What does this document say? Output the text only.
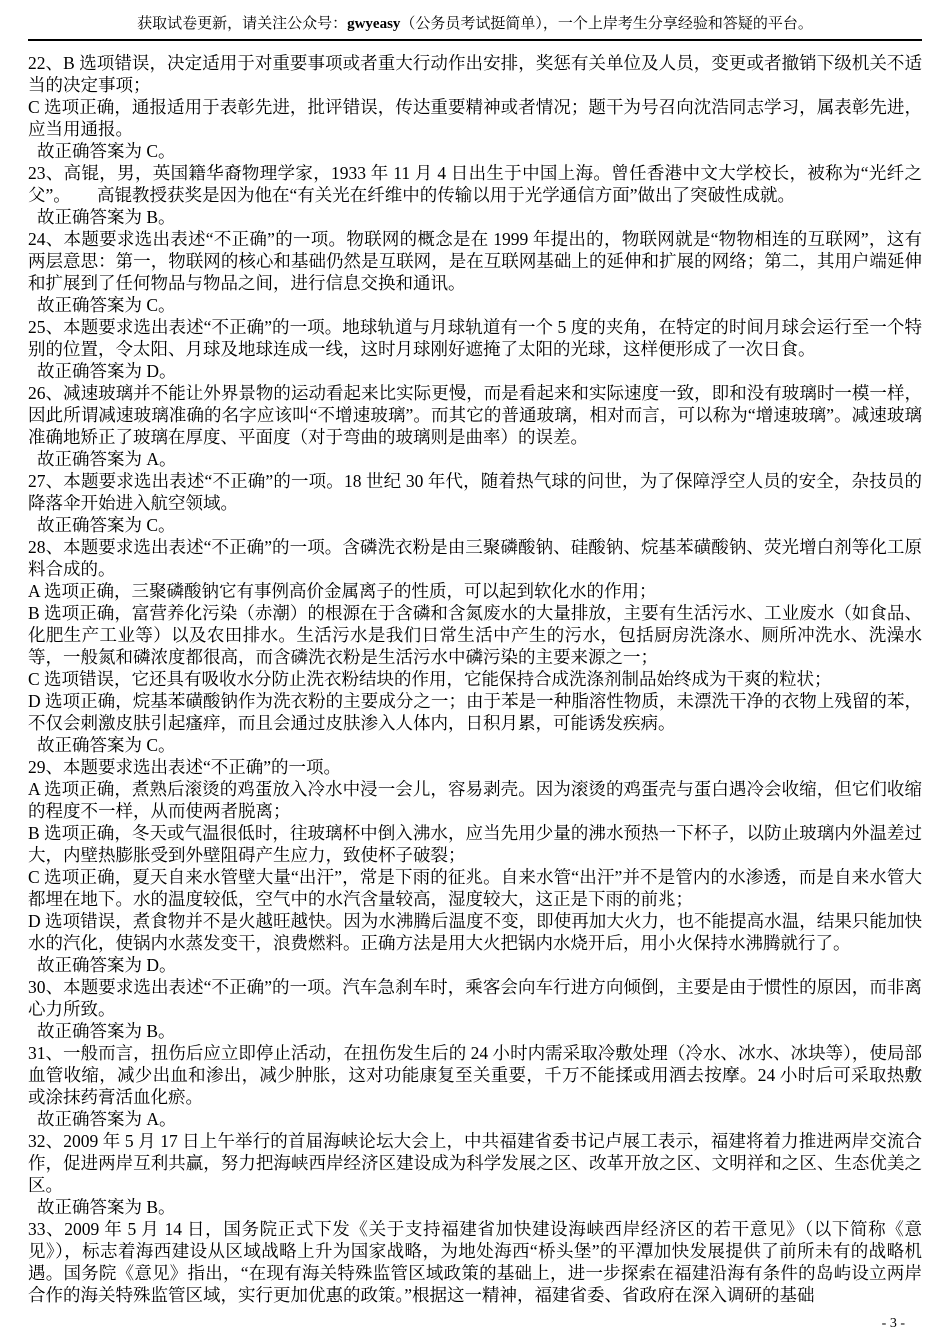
获取试卷更新，请关注公众号：gwyeasy（公务员考试挺简单），一个上岸考生分享经验和答疑的平台。

22、B 选项错误，决定适用于对重要事项或者重大行动作出安排，奖惩有关单位及人员，变更或者撤销下级机关不适当的决定事项；

C 选项正确，通报适用于表彰先进，批评错误，传达重要精神或者情况；题干为号召向沈浩同志学习，属表彰先进，应当用通报。

故正确答案为 C。

23、高锟，男，英国籍华裔物理学家，1933 年 11 月 4 日出生于中国上海。曾任香港中文大学校长，被称为“光纤之父”。　　高锟教授获奖是因为他在“有关光在纤维中的传输以用于光学通信方面”做出了突破性成就。

故正确答案为 B。

24、本题要求选出表述“不正确”的一项。物联网的概念是在 1999 年提出的，物联网就是“物物相连的互联网”，这有两层意思：第一，物联网的核心和基础仍然是互联网，是在互联网基础上的延伸和扩展的网络；第二，其用户端延伸和扩展到了任何物品与物品之间，进行信息交换和通讯。

故正确答案为 C。

25、本题要求选出表述“不正确”的一项。地球轨道与月球轨道有一个 5 度的夹角，在特定的时间月球会运行至一个特别的位置，令太阳、月球及地球连成一线，这时月球刚好遮掩了太阳的光球，这样便形成了一次日食。

故正确答案为 D。

26、减速玻璃并不能让外界景物的运动看起来比实际更慢，而是看起来和实际速度一致，即和没有玻璃时一模一样，因此所谓减速玻璃准确的名字应该叫“不增速玻璃”。而其它的普通玻璃，相对而言，可以称为“增速玻璃”。减速玻璃准确地矫正了玻璃在厚度、平面度（对于弯曲的玻璃则是曲率）的误差。

故正确答案为 A。

27、本题要求选出表述“不正确”的一项。18 世纪 30 年代，随着热气球的问世，为了保障浮空人员的安全，杂技员的降落伞开始进入航空领域。

故正确答案为 C。

28、本题要求选出表述“不正确”的一项。含磷洗衣粉是由三聚磷酸钠、硅酸钠、烷基苯磺酸钠、荧光增白剂等化工原料合成的。

A 选项正确，三聚磷酸钠它有事例高价金属离子的性质，可以起到软化水的作用；

B 选项正确，富营养化污染（赤潮）的根源在于含磷和含氮废水的大量排放，主要有生活污水、工业废水（如食品、化肥生产工业等）以及农田排水。生活污水是我们日常生活中产生的污水，包括厨房洗涤水、厕所冲洗水、洗澡水等，一般氮和磷浓度都很高，而含磷洗衣粉是生活污水中磷污染的主要来源之一；

C 选项错误，它还具有吸收水分防止洗衣粉结块的作用，它能保持合成洗涤剂制品始终成为干爽的粒状；

D 选项正确，烷基苯磺酸钠作为洗衣粉的主要成分之一；由于苯是一种脂溶性物质，未漂洗干净的衣物上残留的苯，不仅会刺激皮肤引起瘙痒，而且会通过皮肤渗入人体内，日积月累，可能诱发疾病。

故正确答案为 C。

29、本题要求选出表述“不正确”的一项。

A 选项正确，煮熟后滚烫的鸡蛋放入冷水中浸一会儿，容易剥壳。因为滚烫的鸡蛋壳与蛋白遇冷会收缩，但它们收缩的程度不一样，从而使两者脱离；

B 选项正确，冬天或气温很低时，往玻璃杯中倒入沸水，应当先用少量的沸水预热一下杯子，以防止玻璃内外温差过大，内壁热膨胀受到外壁阻碍产生应力，致使杯子破裂；

C 选项正确，夏天自来水管壁大量“出汗”，常是下雨的征兆。自来水管“出汗”并不是管内的水渗透，而是自来水管大都埋在地下。水的温度较低，空气中的水汽含量较高，湿度较大，这正是下雨的前兆；

D 选项错误，煮食物并不是火越旺越快。因为水沸腾后温度不变，即使再加大火力，也不能提高水温，结果只能加快水的汽化，使锅内水蒸发变干，浪费燃料。正确方法是用大火把锅内水烧开后，用小火保持水沸腾就行了。

故正确答案为 D。

30、本题要求选出表述“不正确”的一项。汽车急刹车时，乘客会向车行进方向倾倒，主要是由于惯性的原因，而非离心力所致。

故正确答案为 B。

31、一般而言，扭伤后应立即停止活动，在扭伤发生后的 24 小时内需采取冷敷处理（冷水、冰水、冰块等），使局部血管收缩，减少出血和渗出，减少肿胀，这对功能康复至关重要，千万不能揉或用酒去按摩。24 小时后可采取热敷或涂抹药膏活血化瘀。

故正确答案为 A。

32、2009 年 5 月 17 日上午举行的首届海峡论坛大会上，中共福建省委书记卢展工表示，福建将着力推进两岸交流合作，促进两岸互利共赢，努力把海峡西岸经济区建设成为科学发展之区、改革开放之区、文明祥和之区、生态优美之区。

故正确答案为 B。

33、2009 年 5 月 14 日，国务院正式下发《关于支持福建省加快建设海峡西岸经济区的若干意见》（以下简称《意见》），标志着海西建设从区域战略上升为国家战略，为地处海西“桥头堡”的平潭加快发展提供了前所未有的战略机遇。国务院《意见》指出，“在现有海关特殊监管区域政策的基础上，进一步探索在福建沿海有条件的岛屿设立两岸合作的海关特殊监管区域，实行更加优惠的政策。”根据这一精神，福建省委、省政府在深入调研的基础

- 3 -
